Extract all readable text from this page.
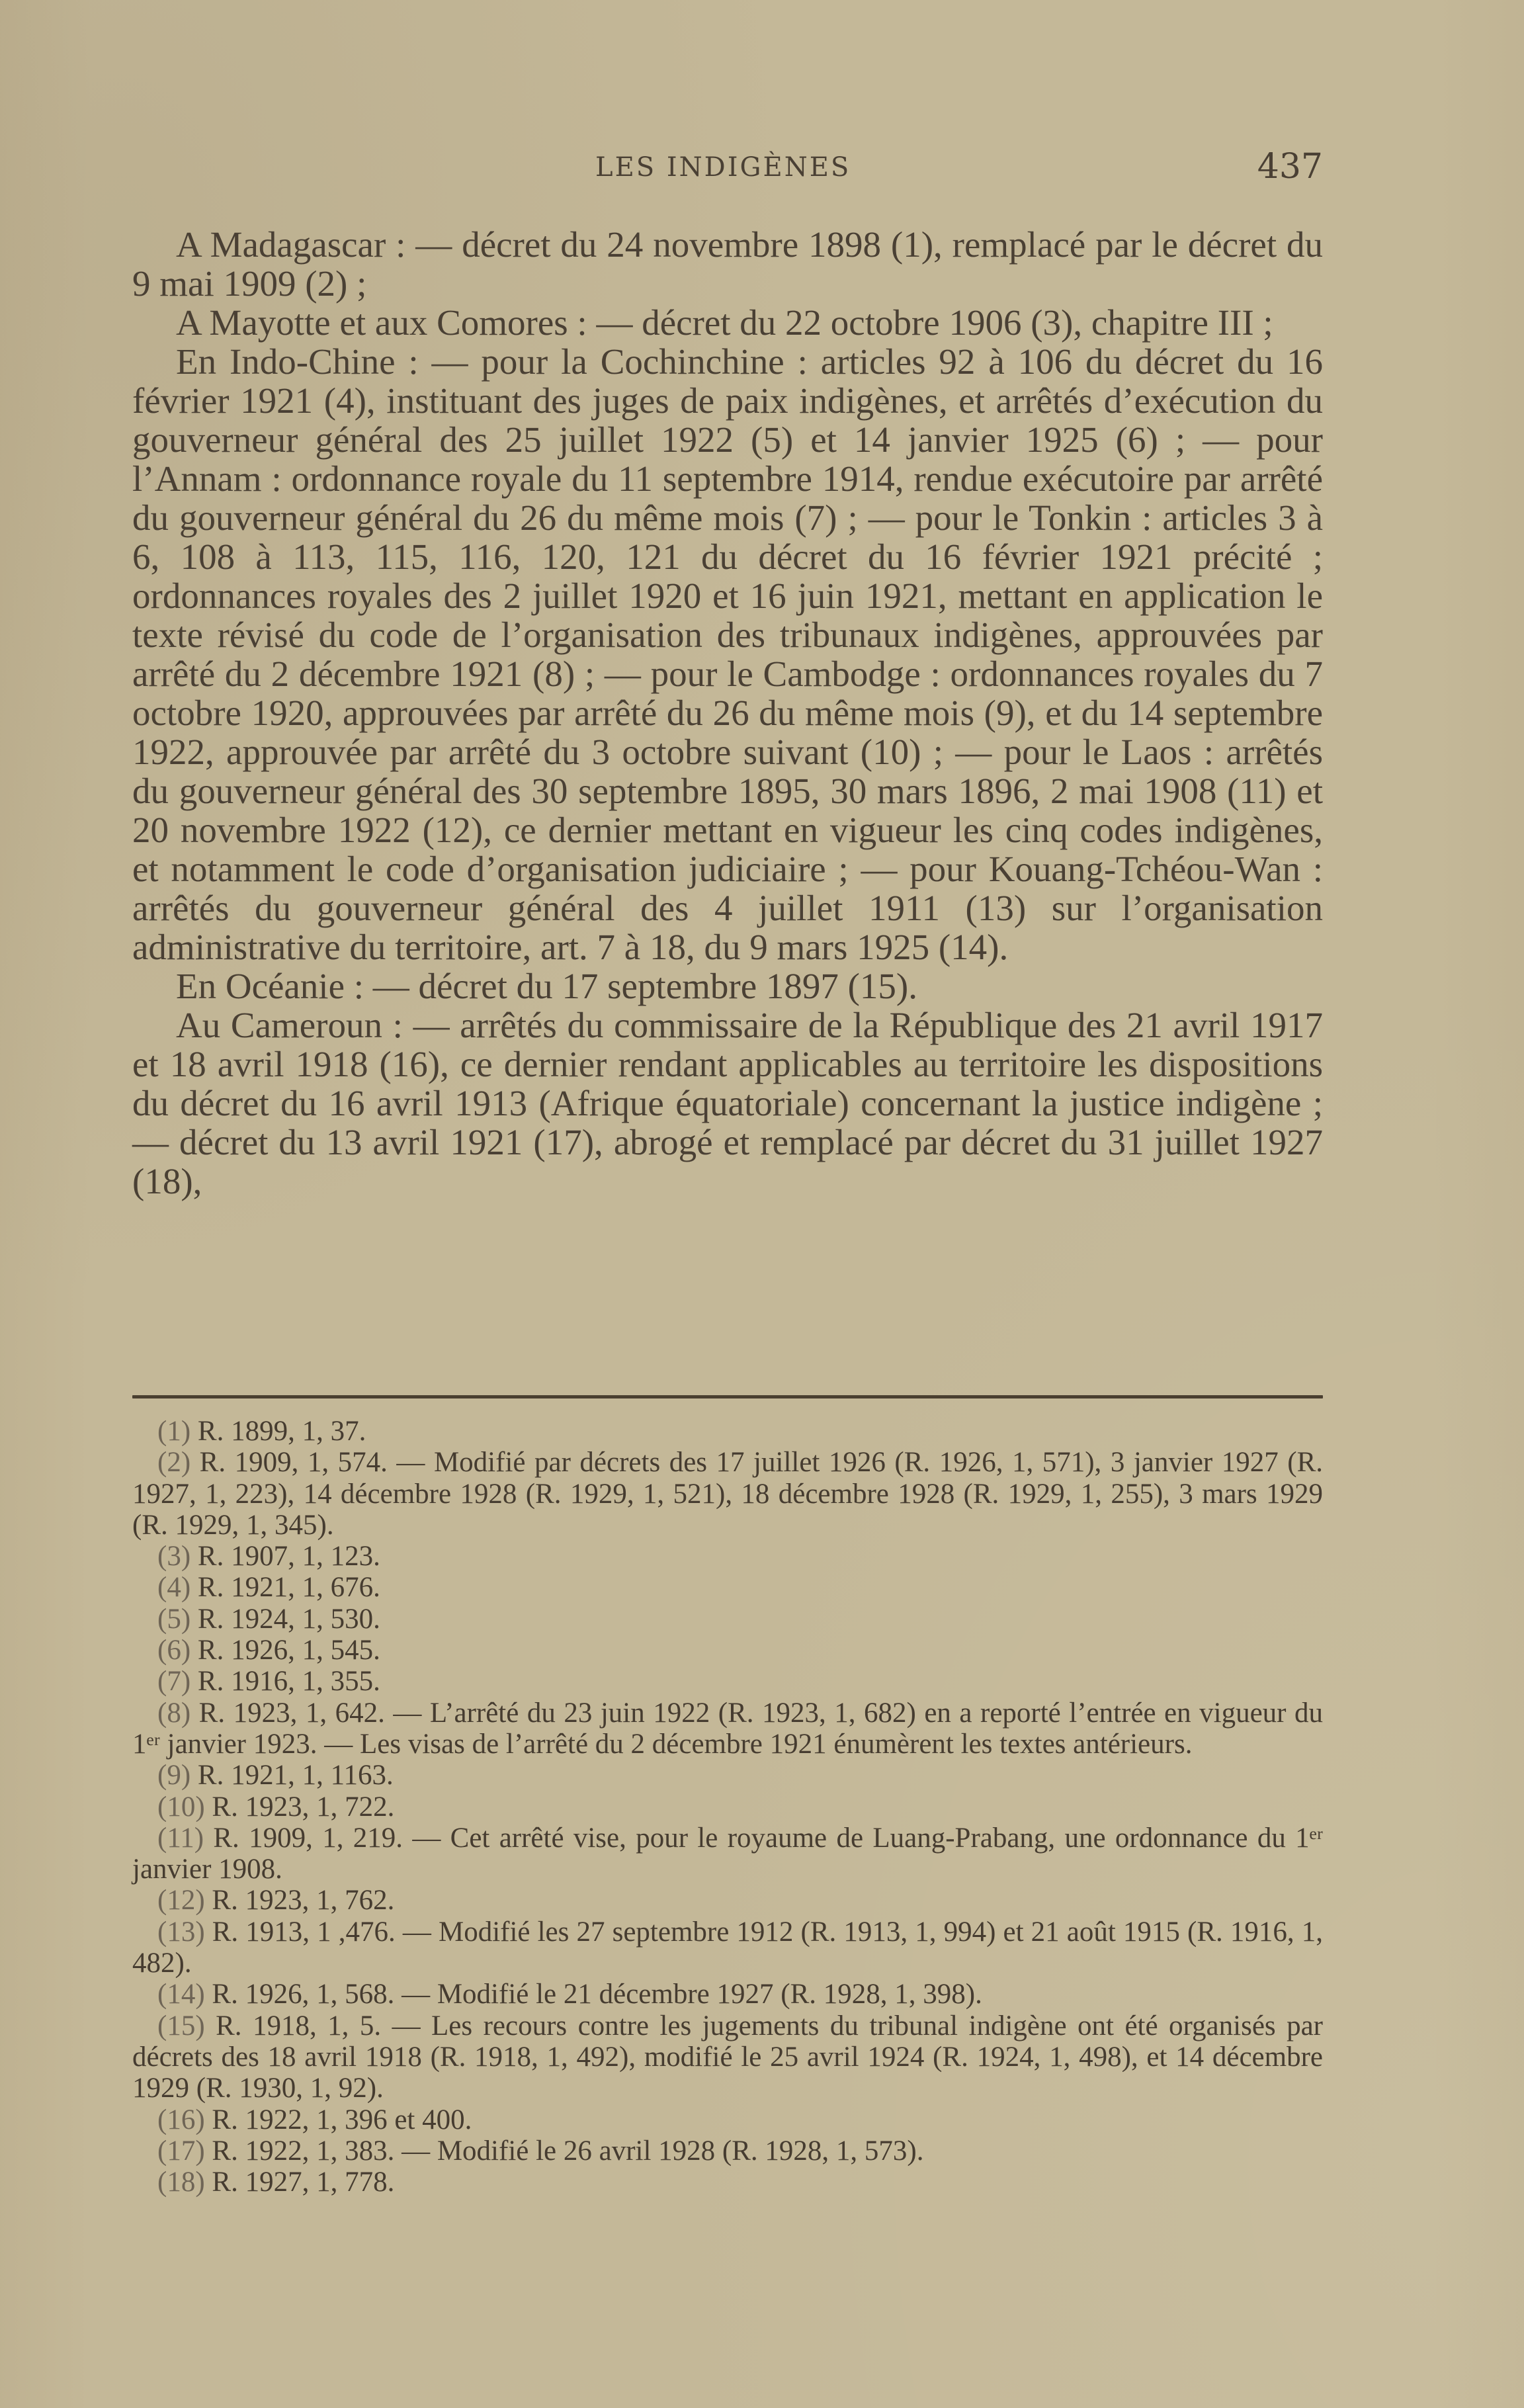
LES INDIGÈNES	437

A Madagascar : — décret du 24 novembre 1898 (1), remplacé par le décret du 9 mai 1909 (2) ;

A Mayotte et aux Comores : — décret du 22 octobre 1906 (3), chapitre III ;

En Indo-Chine : — pour la Cochinchine : articles 92 à 106 du décret du 16 février 1921 (4), instituant des juges de paix indigènes, et arrêtés d’exécution du gouverneur général des 25 juillet 1922 (5) et 14 janvier 1925 (6) ; — pour l’Annam : ordonnance royale du 11 septembre 1914, rendue exécutoire par arrêté du gouverneur général du 26 du même mois (7) ; — pour le Tonkin : articles 3 à 6, 108 à 113, 115, 116, 120, 121 du décret du 16 février 1921 précité ; ordonnances royales des 2 juillet 1920 et 16 juin 1921, mettant en application le texte révisé du code de l’organisation des tribunaux indigènes, approuvées par arrêté du 2 décembre 1921 (8) ; — pour le Cambodge : ordonnances royales du 7 octobre 1920, approuvées par arrêté du 26 du même mois (9), et du 14 septembre 1922, approuvée par arrêté du 3 octobre suivant (10) ; — pour le Laos : arrêtés du gouverneur général des 30 septembre 1895, 30 mars 1896, 2 mai 1908 (11) et 20 novembre 1922 (12), ce dernier mettant en vigueur les cinq codes indigènes, et notamment le code d’organisation judiciaire ; — pour Kouang-Tchéou-Wan : arrêtés du gouverneur général des 4 juillet 1911 (13) sur l’organisation administrative du territoire, art. 7 à 18, du 9 mars 1925 (14).

En Océanie : — décret du 17 septembre 1897 (15).

Au Cameroun : — arrêtés du commissaire de la République des 21 avril 1917 et 18 avril 1918 (16), ce dernier rendant applicables au territoire les dispositions du décret du 16 avril 1913 (Afrique équatoriale) concernant la justice indigène ; — décret du 13 avril 1921 (17), abrogé et remplacé par décret du 31 juillet 1927 (18),

(1) R. 1899, 1, 37.

(2) R. 1909, 1, 574. — Modifié par décrets des 17 juillet 1926 (R. 1926, 1, 571), 3 janvier 1927 (R. 1927, 1, 223), 14 décembre 1928 (R. 1929, 1, 521), 18 décembre 1928 (R. 1929, 1, 255), 3 mars 1929 (R. 1929, 1, 345).

(3) R. 1907, 1, 123.

(4) R. 1921, 1, 676.

(5) R. 1924, 1, 530.

(6) R. 1926, 1, 545.

(7) R. 1916, 1, 355.

(8) R. 1923, 1, 642. — L’arrêté du 23 juin 1922 (R. 1923, 1, 682) en a reporté l’entrée en vigueur du 1ᵉʳ janvier 1923. — Les visas de l’arrêté du 2 décembre 1921 énumèrent les textes antérieurs.

(9) R. 1921, 1, 1163.

(10) R. 1923, 1, 722.

(11) R. 1909, 1, 219. — Cet arrêté vise, pour le royaume de Luang-Prabang, une ordonnance du 1ᵉʳ janvier 1908.

(12) R. 1923, 1, 762.

(13) R. 1913, 1 ,476. — Modifié les 27 septembre 1912 (R. 1913, 1, 994) et 21 août 1915 (R. 1916, 1, 482).

(14) R. 1926, 1, 568. — Modifié le 21 décembre 1927 (R. 1928, 1, 398).

(15) R. 1918, 1, 5. — Les recours contre les jugements du tribunal indigène ont été organisés par décrets des 18 avril 1918 (R. 1918, 1, 492), modifié le 25 avril 1924 (R. 1924, 1, 498), et 14 décembre 1929 (R. 1930, 1, 92).

(16) R. 1922, 1, 396 et 400.

(17) R. 1922, 1, 383. — Modifié le 26 avril 1928 (R. 1928, 1, 573).

(18) R. 1927, 1, 778.
